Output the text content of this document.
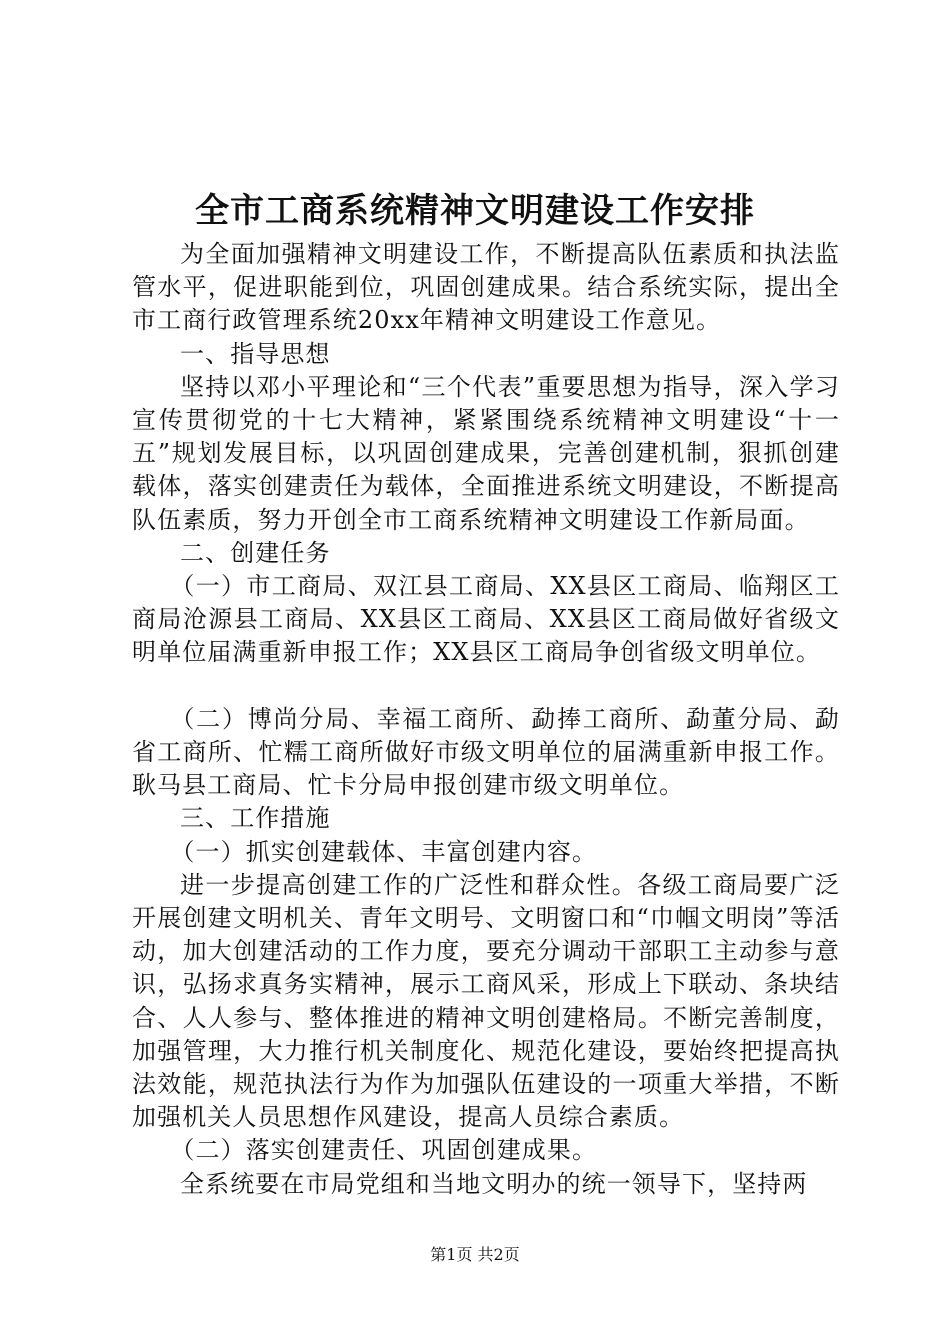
全市工商系统精神文明建设工作安排

为全面加强精神文明建设工作，不断提高队伍素质和执法监管水平，促进职能到位，巩固创建成果。结合系统实际，提出全市工商行政管理系统20xx年精神文明建设工作意见。

一、指导思想

坚持以邓小平理论和“三个代表”重要思想为指导，深入学习宣传贯彻党的十七大精神，紧紧围绕系统精神文明建设“十一五”规划发展目标，以巩固创建成果，完善创建机制，狠抓创建载体，落实创建责任为载体，全面推进系统文明建设，不断提高队伍素质，努力开创全市工商系统精神文明建设工作新局面。

二、创建任务

（一）市工商局、双江县工商局、XX县区工商局、临翔区工商局沧源县工商局、XX县区工商局、XX县区工商局做好省级文明单位届满重新申报工作；XX县区工商局争创省级文明单位。

（二）博尚分局、幸福工商所、勐捧工商所、勐董分局、勐省工商所、忙糯工商所做好市级文明单位的届满重新申报工作。耿马县工商局、忙卡分局申报创建市级文明单位。

三、工作措施

（一）抓实创建载体、丰富创建内容。

进一步提高创建工作的广泛性和群众性。各级工商局要广泛开展创建文明机关、青年文明号、文明窗口和“巾帼文明岗”等活动，加大创建活动的工作力度，要充分调动干部职工主动参与意识，弘扬求真务实精神，展示工商风采，形成上下联动、条块结合、人人参与、整体推进的精神文明创建格局。不断完善制度，加强管理，大力推行机关制度化、规范化建设，要始终把提高执法效能，规范执法行为作为加强队伍建设的一项重大举措，不断加强机关人员思想作风建设，提高人员综合素质。

（二）落实创建责任、巩固创建成果。

全系统要在市局党组和当地文明办的统一领导下，坚持两

第1页 共2页
